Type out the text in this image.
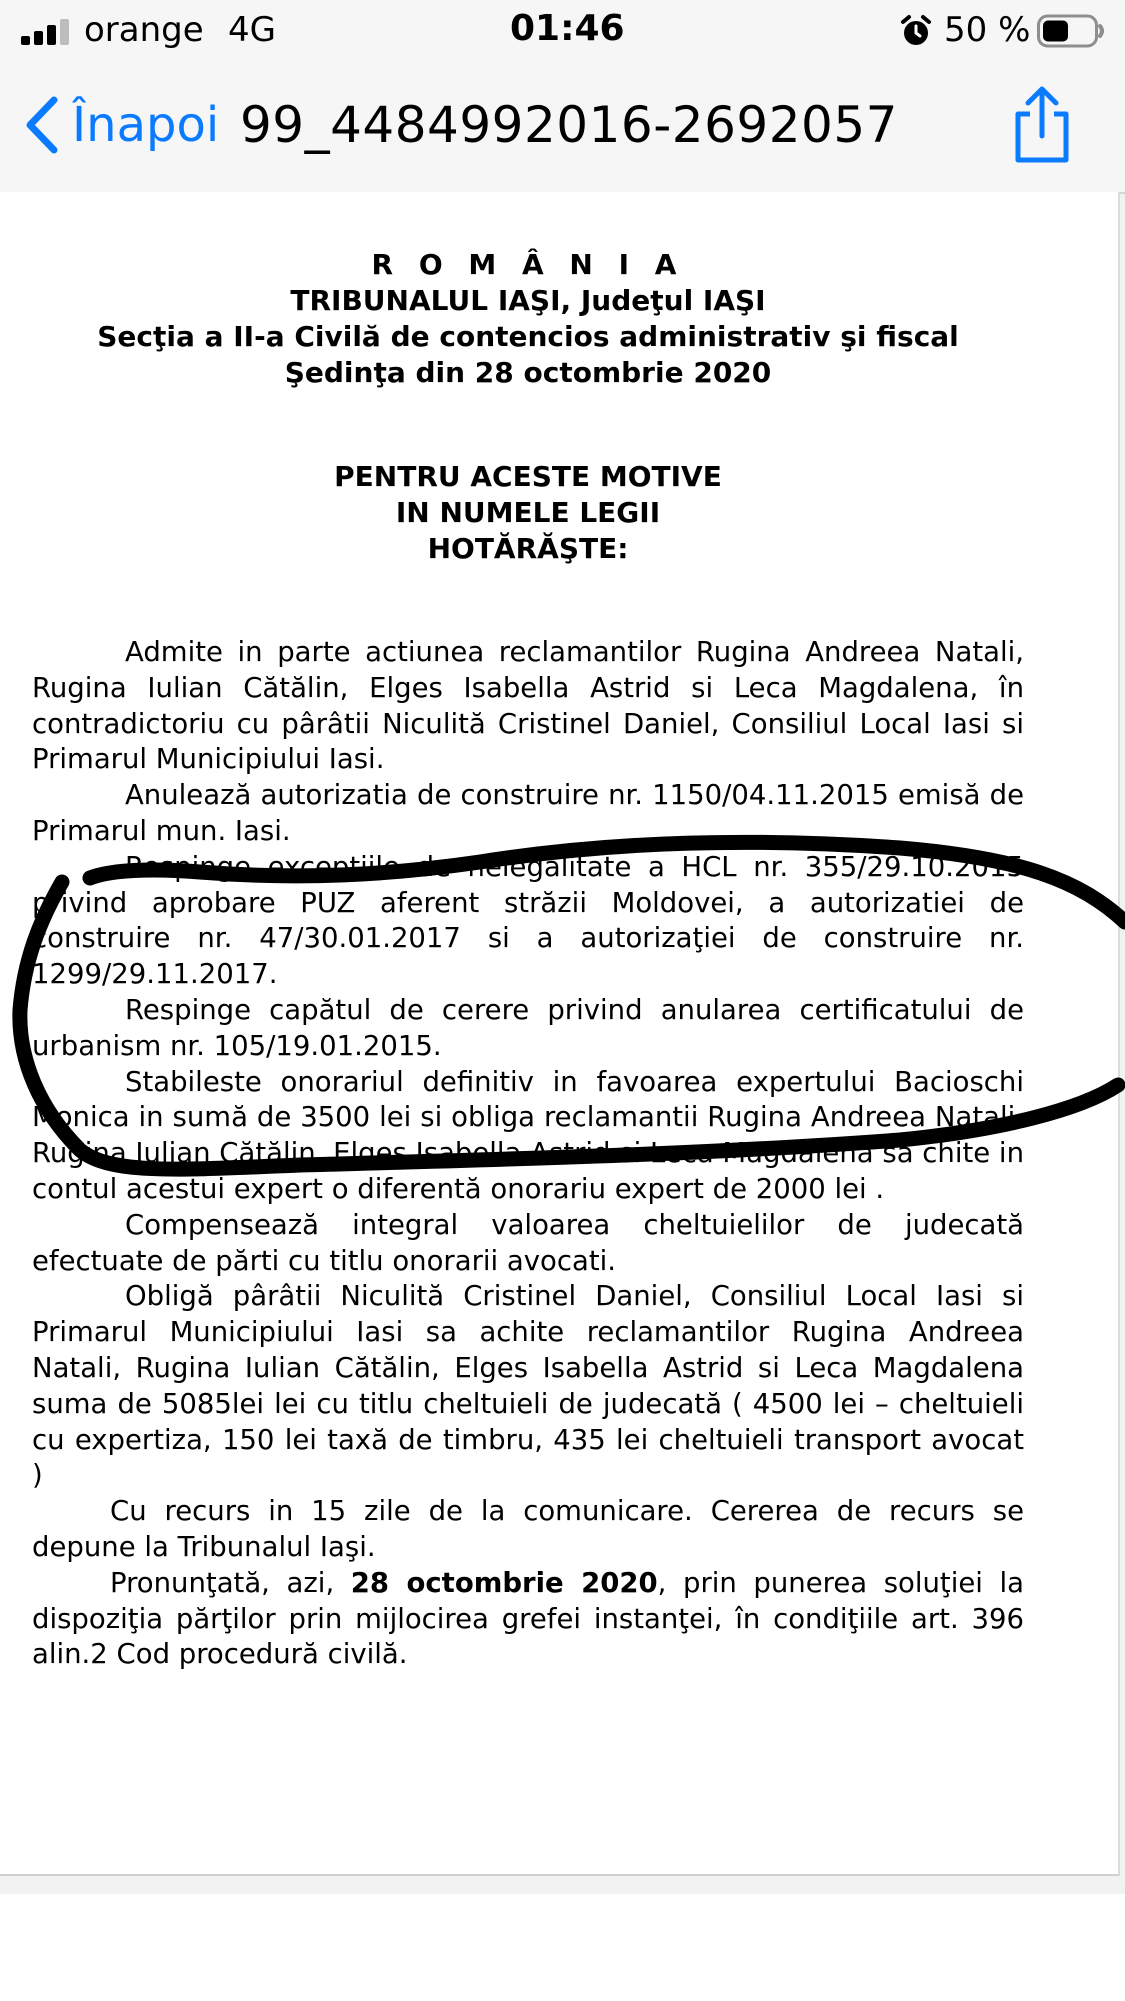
orange 4G	01:46	50 %
Înapoi 99_4484992016-2692057
R O M Â N I A
TRIBUNALUL IAŞI, Judeţul IAŞI
Secţia a II-a Civilă de contencios administrativ şi fiscal
Şedinţa din 28 octombrie 2020
PENTRU ACESTE MOTIVE
IN NUMELE LEGII
HOTĂRĂŞTE:

Admite in parte actiunea reclamantilor Rugina Andreea Natali, Rugina Iulian Cătălin, Elges Isabella Astrid si Leca Magdalena, în contradictoriu cu pârâtii Niculită Cristinel Daniel, Consiliul Local Iasi si Primarul Municipiului Iasi.

Anulează autorizatia de construire nr. 1150/04.11.2015 emisă de Primarul mun. Iasi.

Respinge exceptiile de nelegalitate a HCL nr. 355/29.10.2015 privind aprobare PUZ aferent străzii Moldovei, a autorizatiei de construire nr. 47/30.01.2017 si a autorizaţiei de construire nr. 1299/29.11.2017.

Respinge capătul de cerere privind anularea certificatului de urbanism nr. 105/19.01.2015.

Stabileste onorariul definitiv in favoarea expertului Bacioschi Monica in sumă de 3500 lei si obliga reclamantii Rugina Andreea Natali, Rugina Iulian Cătălin, Elges Isabella Astrid si Leca Magdalena sa chite in contul acestui expert o diferentă onorariu expert de 2000 lei .

Compensează integral valoarea cheltuielilor de judecată efectuate de părti cu titlu onorarii avocati.

Obligă pârâtii Niculită Cristinel Daniel, Consiliul Local Iasi si Primarul Municipiului Iasi sa achite reclamantilor Rugina Andreea Natali, Rugina Iulian Cătălin, Elges Isabella Astrid si Leca Magdalena suma de 5085lei lei cu titlu cheltuieli de judecată ( 4500 lei – cheltuieli cu expertiza, 150 lei taxă de timbru, 435 lei cheltuieli transport avocat )

Cu recurs in 15 zile de la comunicare. Cererea de recurs se depune la Tribunalul Iaşi.

Pronunţată, azi, 28 octombrie 2020, prin punerea soluţiei la dispoziţia părţilor prin mijlocirea grefei instanţei, în condiţiile art. 396 alin.2 Cod procedură civilă.
